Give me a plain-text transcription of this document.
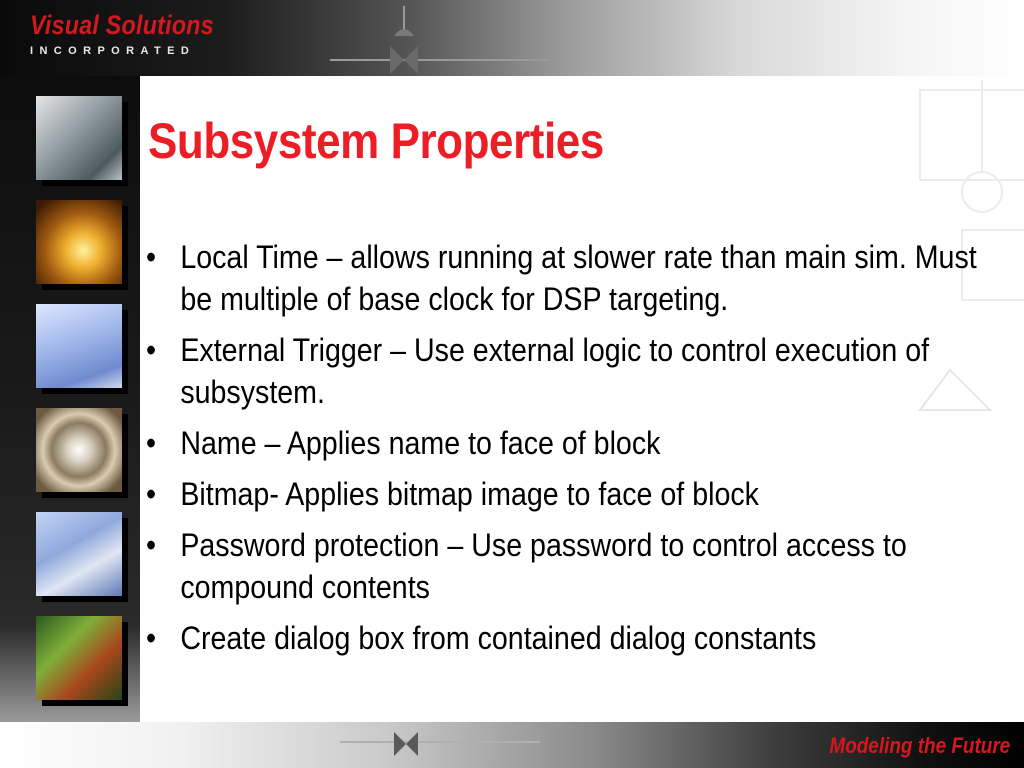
Visual Solutions
INCORPORATED
Subsystem Properties
• Local Time – allows running at slower rate than main sim. Must be multiple of base clock for DSP targeting.
• External Trigger – Use external logic to control execution of subsystem.
• Name – Applies name to face of block
• Bitmap- Applies bitmap image to face of block
• Password protection – Use password to control access to compound contents
• Create dialog box from contained dialog constants
Modeling the Future
